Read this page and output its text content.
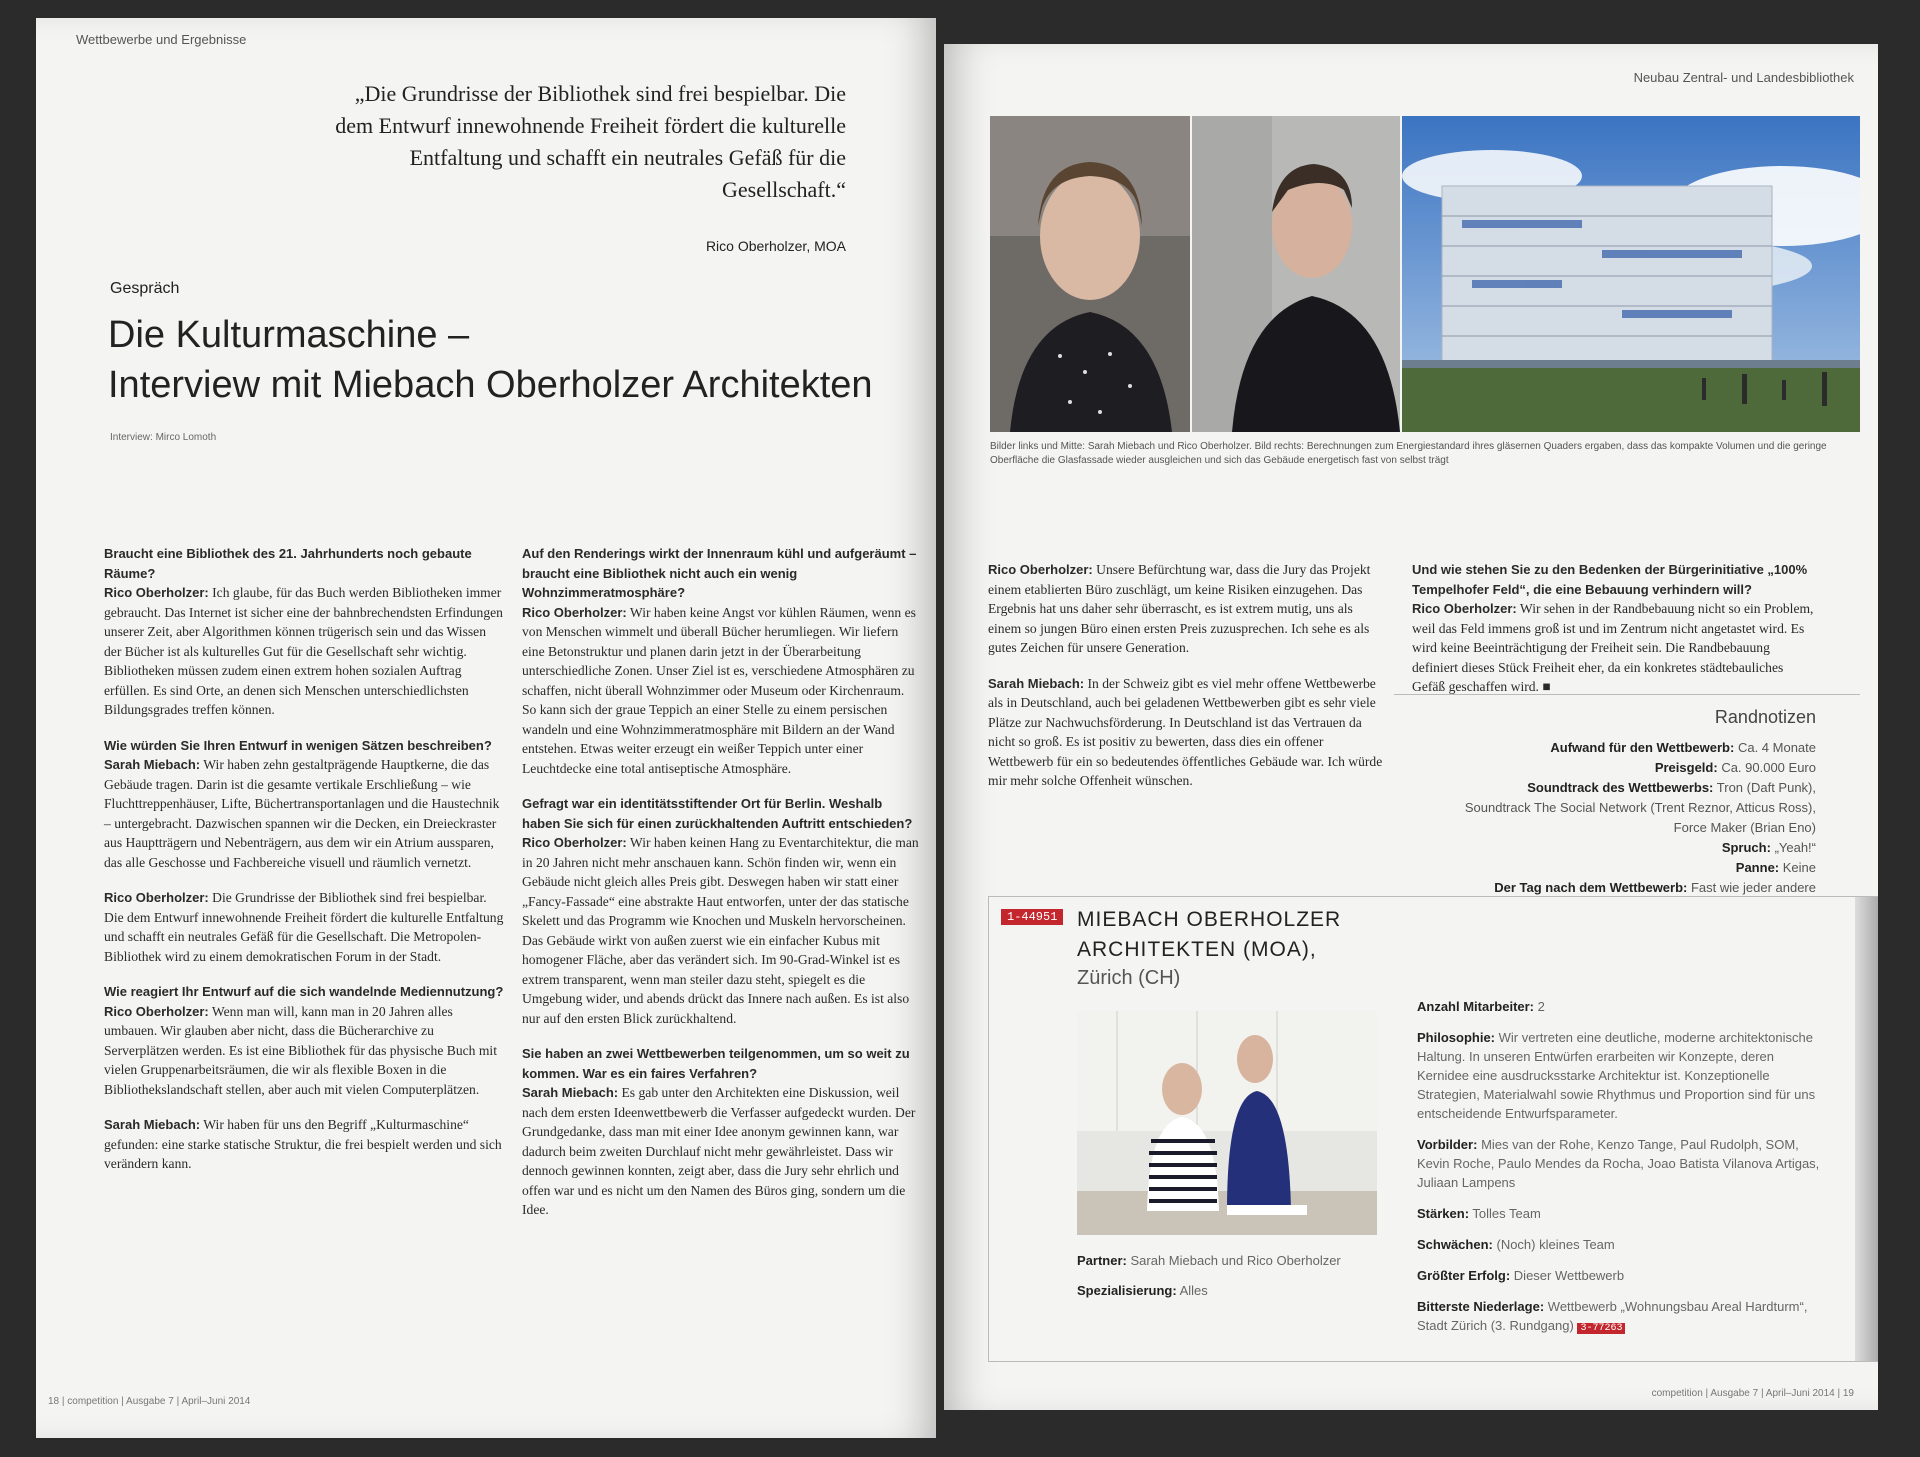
Wettbewerbe und Ergebnisse
„Die Grundrisse der Bibliothek sind frei bespielbar. Die dem Entwurf innewohnende Freiheit fördert die kulturelle Entfaltung und schafft ein neutrales Gefäß für die Gesellschaft.“
Rico Oberholzer, MOA
Gespräch
Die Kulturmaschine –
Interview mit Miebach Oberholzer Architekten
Interview: Mirco Lomoth

Braucht eine Bibliothek des 21. Jahrhunderts noch gebaute Räume?
Rico Oberholzer: Ich glaube, für das Buch werden Bibliotheken immer gebraucht. Das Internet ist sicher eine der bahnbrechendsten Erfindungen unserer Zeit, aber Algorithmen können trügerisch sein und das Wissen der Bücher ist als kulturelles Gut für die Gesellschaft sehr wichtig. Bibliotheken müssen zudem einen extrem hohen sozialen Auftrag erfüllen. Es sind Orte, an denen sich Menschen unterschiedlichsten Bildungsgrades treffen können.

Wie würden Sie Ihren Entwurf in wenigen Sätzen beschreiben?
Sarah Miebach: Wir haben zehn gestaltprägende Hauptkerne, die das Gebäude tragen. Darin ist die gesamte vertikale Erschließung – wie Fluchttreppenhäuser, Lifte, Büchertransportanlagen und die Haustechnik – untergebracht. Dazwischen spannen wir die Decken, ein Dreieckraster aus Hauptträgern und Nebenträgern, aus dem wir ein Atrium aussparen, das alle Geschosse und Fachbereiche visuell und räumlich vernetzt.

Rico Oberholzer: Die Grundrisse der Bibliothek sind frei bespielbar. Die dem Entwurf innewohnende Freiheit fördert die kulturelle Entfaltung und schafft ein neutrales Gefäß für die Gesellschaft. Die Metropolen-Bibliothek wird zu einem demokratischen Forum in der Stadt.

Wie reagiert Ihr Entwurf auf die sich wandelnde Mediennutzung?
Rico Oberholzer: Wenn man will, kann man in 20 Jahren alles umbauen. Wir glauben aber nicht, dass die Bücherarchive zu Serverplätzen werden. Es ist eine Bibliothek für das physische Buch mit vielen Gruppenarbeitsräumen, die wir als flexible Boxen in die Bibliothekslandschaft stellen, aber auch mit vielen Computerplätzen.

Sarah Miebach: Wir haben für uns den Begriff „Kulturmaschine“ gefunden: eine starke statische Struktur, die frei bespielt werden und sich verändern kann.

Auf den Renderings wirkt der Innenraum kühl und aufgeräumt – braucht eine Bibliothek nicht auch ein wenig Wohnzimmeratmosphäre?
Rico Oberholzer: Wir haben keine Angst vor kühlen Räumen, wenn es von Menschen wimmelt und überall Bücher herumliegen. Wir liefern eine Betonstruktur und planen darin jetzt in der Überarbeitung unterschiedliche Zonen. Unser Ziel ist es, verschiedene Atmosphären zu schaffen, nicht überall Wohnzimmer oder Museum oder Kirchenraum. So kann sich der graue Teppich an einer Stelle zu einem persischen wandeln und eine Wohnzimmeratmosphäre mit Bildern an der Wand entstehen. Etwas weiter erzeugt ein weißer Teppich unter einer Leuchtdecke eine total antiseptische Atmosphäre.

Gefragt war ein identitätsstiftender Ort für Berlin. Weshalb haben Sie sich für einen zurückhaltenden Auftritt entschieden?
Rico Oberholzer: Wir haben keinen Hang zu Eventarchitektur, die man in 20 Jahren nicht mehr anschauen kann. Schön finden wir, wenn ein Gebäude nicht gleich alles Preis gibt. Deswegen haben wir statt einer „Fancy-Fassade“ eine abstrakte Haut entworfen, unter der das statische Skelett und das Programm wie Knochen und Muskeln hervorscheinen. Das Gebäude wirkt von außen zuerst wie ein einfacher Kubus mit homogener Fläche, aber das verändert sich. Im 90-Grad-Winkel ist es extrem transparent, wenn man steiler dazu steht, spiegelt es die Umgebung wider, und abends drückt das Innere nach außen. Es ist also nur auf den ersten Blick zurückhaltend.

Sie haben an zwei Wettbewerben teilgenommen, um so weit zu kommen. War es ein faires Verfahren?
Sarah Miebach: Es gab unter den Architekten eine Diskussion, weil nach dem ersten Ideenwettbewerb die Verfasser aufgedeckt wurden. Der Grundgedanke, dass man mit einer Idee anonym gewinnen kann, war dadurch beim zweiten Durchlauf nicht mehr gewährleistet. Dass wir dennoch gewinnen konnten, zeigt aber, dass die Jury sehr ehrlich und offen war und es nicht um den Namen des Büros ging, sondern um die Idee.

18 | competition | Ausgabe 7 | April–Juni 2014
Neubau Zentral- und Landesbibliothek
Bilder links und Mitte: Sarah Miebach und Rico Oberholzer. Bild rechts: Berechnungen zum Energiestandard ihres gläsernen Quaders ergaben, dass das kompakte Volumen und die geringe Oberfläche die Glasfassade wieder ausgleichen und sich das Gebäude energetisch fast von selbst trägt

Rico Oberholzer: Unsere Befürchtung war, dass die Jury das Projekt einem etablierten Büro zuschlägt, um keine Risiken einzugehen. Das Ergebnis hat uns daher sehr überrascht, es ist extrem mutig, uns als einem so jungen Büro einen ersten Preis zuzusprechen. Ich sehe es als gutes Zeichen für unsere Generation.

Sarah Miebach: In der Schweiz gibt es viel mehr offene Wettbewerbe als in Deutschland, auch bei geladenen Wettbewerben gibt es sehr viele Plätze zur Nachwuchsförderung. In Deutschland ist das Vertrauen da nicht so groß. Es ist positiv zu bewerten, dass dies ein offener Wettbewerb für ein so bedeutendes öffentliches Gebäude war. Ich würde mir mehr solche Offenheit wünschen.

Und wie stehen Sie zu den Bedenken der Bürgerinitiative „100% Tempelhofer Feld“, die eine Bebauung verhindern will?
Rico Oberholzer: Wir sehen in der Randbebauung nicht so ein Problem, weil das Feld immens groß ist und im Zentrum nicht angetastet wird. Es wird keine Beeinträchtigung der Freiheit sein. Die Randbebauung definiert dieses Stück Freiheit eher, da ein konkretes städtebauliches Gefäß geschaffen wird. ■

Randnotizen
Aufwand für den Wettbewerb: Ca. 4 Monate
Preisgeld: Ca. 90.000 Euro
Soundtrack des Wettbewerbs: Tron (Daft Punk),
Soundtrack The Social Network (Trent Reznor, Atticus Ross),
Force Maker (Brian Eno)
Spruch: „Yeah!“
Panne: Keine
Der Tag nach dem Wettbewerb: Fast wie jeder andere
1-44951 MIEBACH OBERHOLZER
ARCHITEKTEN (MOA),
Zürich (CH)
Partner: Sarah Miebach und Rico Oberholzer
Spezialisierung: Alles
Anzahl Mitarbeiter: 2
Philosophie: Wir vertreten eine deutliche, moderne architektonische Haltung. In unseren Entwürfen erarbeiten wir Konzepte, deren Kernidee eine ausdrucksstarke Architektur ist. Konzeptionelle Strategien, Materialwahl sowie Rhythmus und Proportion sind für uns entscheidende Entwurfsparameter.
Vorbilder: Mies van der Rohe, Kenzo Tange, Paul Rudolph, SOM, Kevin Roche, Paulo Mendes da Rocha, Joao Batista Vilanova Artigas, Juliaan Lampens
Stärken: Tolles Team
Schwächen: (Noch) kleines Team
Größter Erfolg: Dieser Wettbewerb
Bitterste Niederlage: Wettbewerb „Wohnungsbau Areal Hardturm“, Stadt Zürich (3. Rundgang) 3-77263
competition | Ausgabe 7 | April–Juni 2014 | 19
